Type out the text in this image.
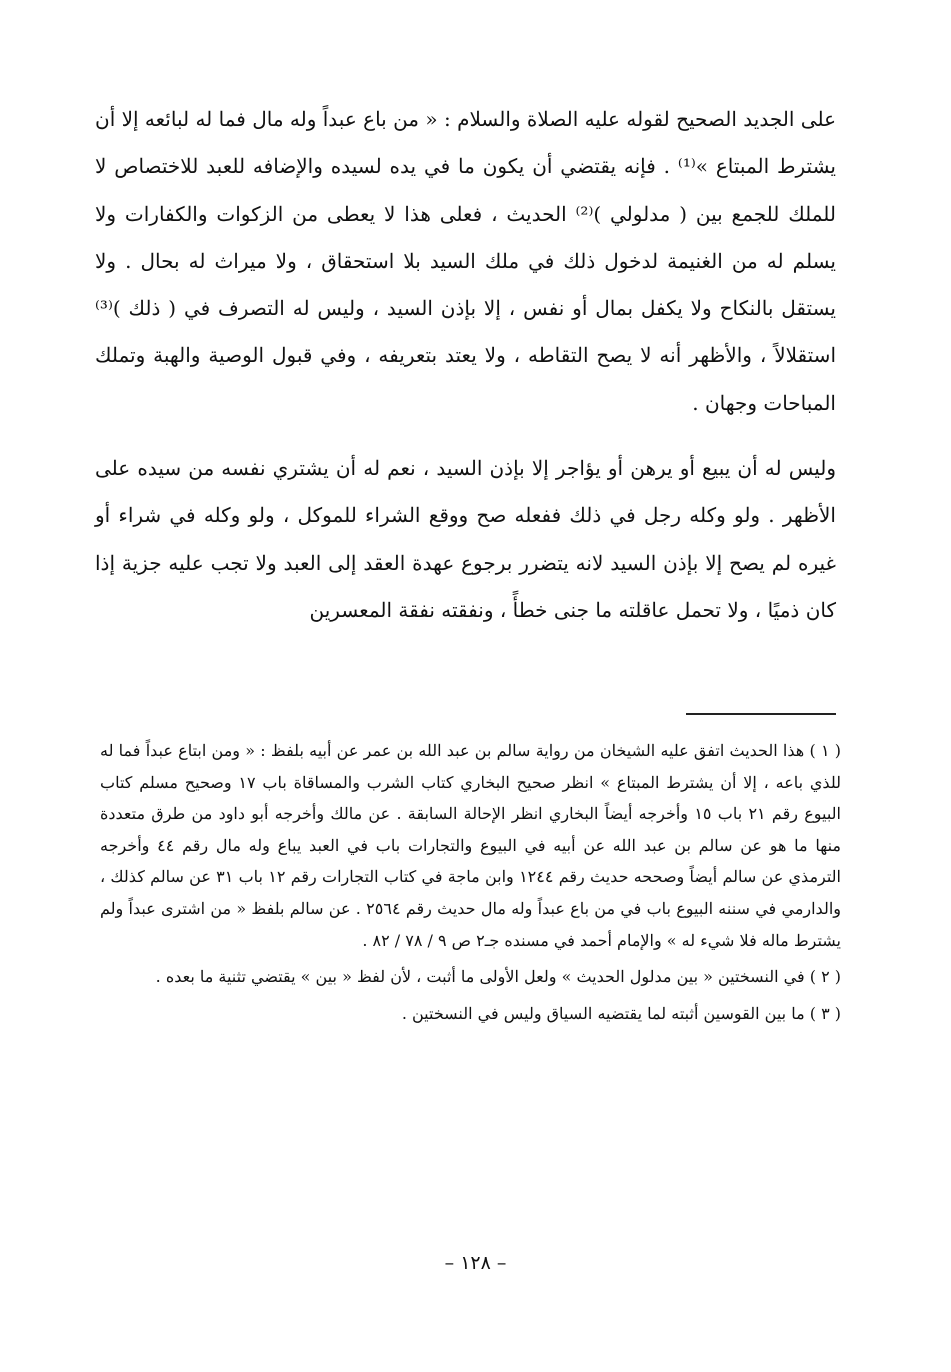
على الجديد الصحيح لقوله عليه الصلاة والسلام : « من باع عبداً وله مال فما له لبائعه إلا أن يشترط المبتاع »⁽¹⁾ . فإنه يقتضي أن يكون ما في يده لسيده والإضافه للعبد للاختصاص لا للملك للجمع بين ( مدلولي )⁽²⁾ الحديث ، فعلى هذا لا يعطى من الزكوات والكفارات ولا يسلم له من الغنيمة لدخول ذلك في ملك السيد بلا استحقاق ، ولا ميراث له بحال . ولا يستقل بالنكاح ولا يكفل بمال أو نفس ، إلا بإذن السيد ، وليس له التصرف في ( ذلك )⁽³⁾ استقلالاً ، والأظهر أنه لا يصح التقاطه ، ولا يعتد بتعريفه ، وفي قبول الوصية والهبة وتملك المباحات وجهان .

وليس له أن يبيع أو يرهن أو يؤاجر إلا بإذن السيد ، نعم له أن يشتري نفسه من سيده على الأظهر . ولو وكله رجل في ذلك ففعله صح ووقع الشراء للموكل ، ولو وكله في شراء أو غيره لم يصح إلا بإذن السيد لانه يتضرر برجوع عهدة العقد إلى العبد ولا تجب عليه جزية إذا كان ذميًا ، ولا تحمل عاقلته ما جنى خطأً ، ونفقته نفقة المعسرين

( ١ ) هذا الحديث اتفق عليه الشيخان من رواية سالم بن عبد الله بن عمر عن أبيه بلفظ : « ومن ابتاع عبداً فما له للذي باعه ، إلا أن يشترط المبتاع » انظر صحيح البخاري كتاب الشرب والمساقاة باب ١٧ وصحيح مسلم كتاب البيوع رقم ٢١ باب ١٥ وأخرجه أيضاً البخاري انظر الإحالة السابقة . عن مالك وأخرجه أبو داود من طرق متعددة منها ما هو عن سالم بن عبد الله عن أبيه في البيوع والتجارات باب في العبد يباع وله مال رقم ٤٤ وأخرجه الترمذي عن سالم أيضاً وصححه حديث رقم ١٢٤٤ وابن ماجة في كتاب التجارات رقم ١٢ باب ٣١ عن سالم كذلك ، والدارمي في سننه البيوع باب في من باع عبداً وله مال حديث رقم ٢٥٦٤ . عن سالم بلفظ « من اشترى عبداً ولم يشترط ماله فلا شيء له » والإمام أحمد في مسنده جـ٢ ص ٩ / ٧٨ / ٨٢ .

( ٢ ) في النسختين « بين مدلول الحديث » ولعل الأولى ما أثبت ، لأن لفظ « بين » يقتضي تثنية ما بعده .

( ٣ ) ما بين القوسين أثبته لما يقتضيه السياق وليس في النسختين .

– ١٢٨ –
